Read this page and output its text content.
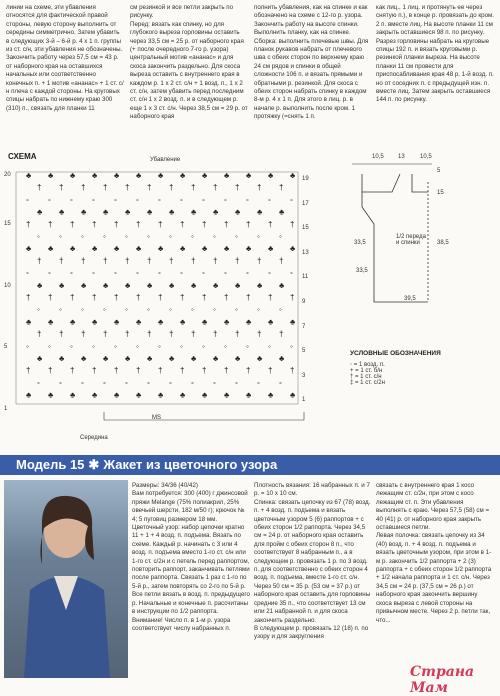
линии на схеме, эти убавления относятся для фактической правой стороны, левую сторону выполнить от середины симметрично. Затем убавить в следующих 3-й – 6-й р. 4 х 1 п. группы из ст. с/н, эти убавления не обозначены.
Закончить работу через 57,5 см = 43 р. от наборного края на оставшихся начальных или соответственно конечных п. + 1 мотив «ананас» + 1 ст. с/н плеча с каждой стороны. На круговых спицы набрать по нижнему краю 300 (310) п., связать для планки 11
см резинкой и все петли закрыть по рисунку.
Перед: вязать как спинку, но для глубокого выреза горловины оставить через 33,5 см = 25 р. от наборного края (+ после очередного 7-го р. узора) центральный мотив «ананас» и для скоса закончить раздельно. Для скоса выреза оставить с внутреннего края в каждом р. 1 х 2 ст. с/н + 1 возд. п., 1 х 2 ст. с/н, затем убавить перед последним ст. с/н 1 х 2 возд. п. и в следующем р. еще 1 х 3 ст. с/н. Через 38,5 см = 29 р. от наборного края
полнить убавления, как на спинке и как обозначено на схеме с 12-го р. узора. Закончить работу на высоте спинки. Выполнить планку, как на спинке.
Сборка: выполнить плечевые швы. Для планок рукавов набрать от плечевого шва с обеих сторон по верхнему краю 24 см рядов и спинки в общей сложности 106 п. и вязать прямыми и обратными р. резинкой. Для скоса с обеих сторон набрать спинку в каждом 8-м р. 4 х 1 п. Для этого в лиц. р. в начале р. выполнить после кром. 1 протяжку (=снять 1 п.
как лиц., 1 лиц. и протянуть ее через снятую п.), в конце р. провязать до кром. 2 п. вместе лиц. На высоте планки 11 см закрыть оставшиеся 98 п. по рисунку.
Разрез горловины набрать на круговые спицы 192 п. и вязать круговыми р. резинкой планки выреза. На высоте планки 11 см провести для приспосабливания края 48 р. 1-й возд. п. но от соседних п. с предыдущей изн. п. вместе лиц. Затем закрыть оставшиеся 144 п. по рисунку.
СХЕМА	Убавление
♣ ♣ ♣ ♣ ♣ ♣ ♣ ♣ ♣ ♣ ♣ ♣ ♣
† † † † † † † † † † † †
◦ ◦ ◦ ◦ ◦ ◦ ◦ ◦ ◦ ◦ ◦ ◦ ◦
♣ ♣ ♣ ♣ ♣ ♣ ♣ ♣ ♣ ♣ ♣ ♣
† † † † † † † † † † † † †
◦ ◦ ◦ ◦ ◦ ◦ ◦ ◦ ◦ ◦ ◦ ◦
♣ ♣ ♣ ♣ ♣ ♣ ♣ ♣ ♣ ♣ ♣ ♣ ♣
† † † † † † † † † † † †
◦ ◦ ◦ ◦ ◦ ◦ ◦ ◦ ◦ ◦ ◦ ◦ ◦
♣ ♣ ♣ ♣ ♣ ♣ ♣ ♣ ♣ ♣ ♣ ♣
† † † † † † † † † † † † †
◦ ◦ ◦ ◦ ◦ ◦ ◦ ◦ ◦ ◦ ◦ ◦
♣ ♣ ♣ ♣ ♣ ♣ ♣ ♣ ♣ ♣ ♣ ♣ ♣
† † † † † † † † † † † †
◦ ◦ ◦ ◦ ◦ ◦ ◦ ◦ ◦ ◦ ◦ ◦ ◦
♣ ♣ ♣ ♣ ♣ ♣ ♣ ♣ ♣ ♣ ♣ ♣
† † † † † † † † † † † † †
◦ ◦ ◦ ◦ ◦ ◦ ◦ ◦ ◦ ◦ ◦ ◦
♣ ♣ ♣ ♣ ♣ ♣ ♣ ♣ ♣ ♣ ♣ ♣ ♣
MS
Середина
20
15
10
5
1
19
17
15
13
11
9
7
5
3
1
10,5 13	10,5
33,5
1/2 переда
и спинки
39,5
5
15
38,5
33,5
УСЛОВНЫЕ ОБОЗНАЧЕНИЯ
◦ = 1 возд. п.
+ = 1 ст. б/н
† = 1 ст. с/н
‡ = 1 ст. с/2н
Модель 15 ✱ Жакет из цветочного узора
Размеры: 34/36 (40/42)
Вам потребуется: 300 (400) г джинсовой пряжи Melange (75% полиакрил, 25% овечьей шерсти, 182 м/50 г); крючок № 4; 5 пуговиц размером 18 мм.
Цветочный узор: набор цепочки кратно 11 + 1 + 4 возд. п. подъема. Вязать по схеме. Каждый р. начинать с 3 или 4 возд. п. подъема вместо 1-го ст. с/н или 1-го ст. с/2н и с петель перед раппортом, повторить раппорт, заканчивать петлями после раппорта. Связать 1 раз с 1-го по 5-й р., затем повторять со 2-го по 5-й р. Все петли вязать в возд. п. предыдущего р. Начальные и конечные п. рассчитаны в инструкции по 1/2 раппорта.
Внимание! Число п. в 1-м р. узора соответствует числу набранных п.
Плотность вязания: 16 набранных п. и 7 р. = 10 х 10 см.
Спинка: связать цепочку из 67 (78) возд. п. + 4 возд. п. подъема и вязать цветочным узором 5 (6) раппортов + с обеих сторон 1/2 раппорта. Через 34,5 см = 24 р. от наборного края оставить для пройм с обеих сторон 8 п., что соответствует 8 набранным п., а в следующем р. провязать 1 р. по 3 возд. п. для соответственно с обеих сторон 4 возд. п. подъема, вместе 1-го ст. с/н. Через 50 см = 35 р. (53 см = 37 р.) от наборного края оставить для горловины средние 35 п., что соответствует 13 см или 21 набранной п. и для скоса закончить раздельно.
В следующем р. провязать 12 (18) п. по узору и для закругления
связать с внутреннего края 1 косо лежащим ст. с/2н, при этом с косо лежащим ст. п. Эти убавления выполнять с краю. Через 57,5 (58) см = 40 (41) р. от наборного края закрыть оставшиеся петли.
Левая полочка: связать цепочку из 34 (40) возд. п. + 4 возд. п. подъема и вязать цветочным узором, при этом в 1-м р. закончить 1/2 раппорта + 2 (3) раппорта + с обеих сторон 1/2 раппорта + 1/2 начала раппорта и 1 ст. с/н. Через 34,5 см = 24 р. (37,5 см = 26 р.) от наборного края закончить вершину скоса выреза с левой стороны на привычном месте. Через 2 р. петли так, что...
Страна Мам
